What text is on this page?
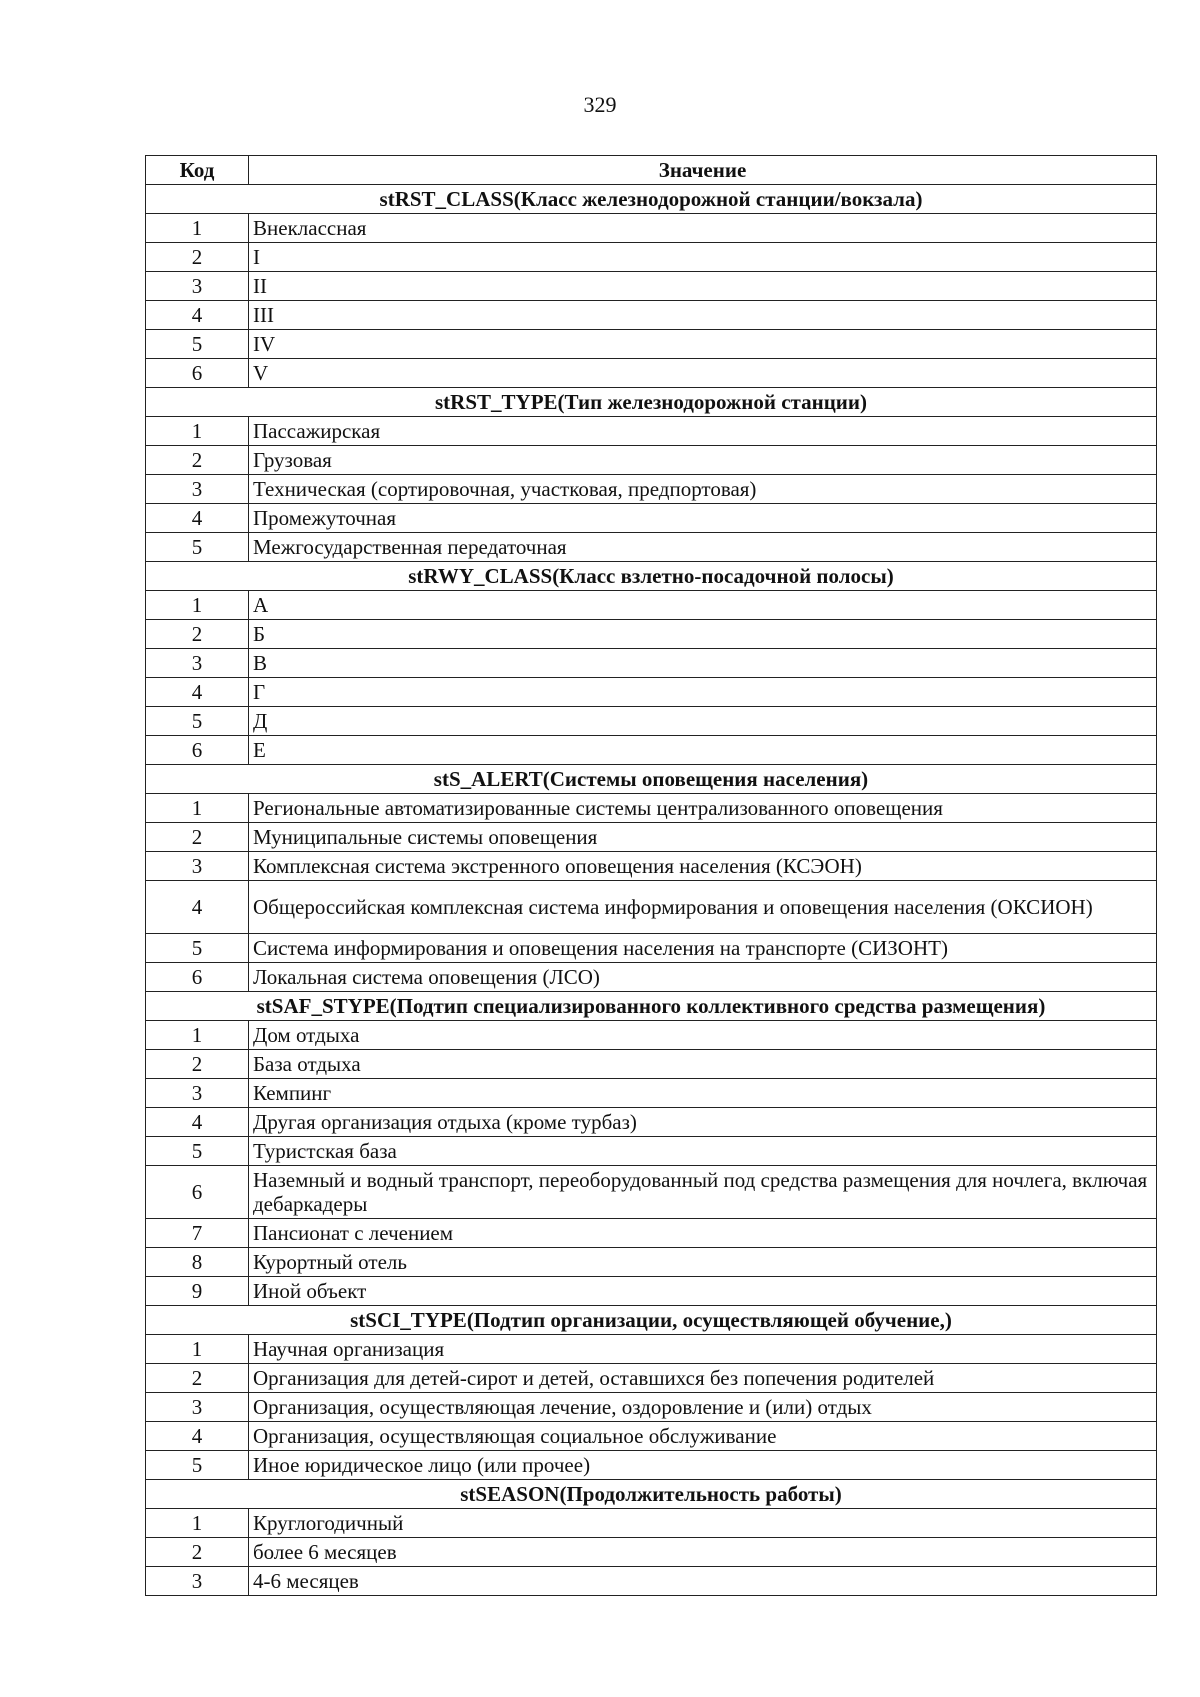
329
Код	Значение
stRST_CLASS(Класс железнодорожной станции/вокзала)	
1	Внеклассная
2	I
3	II
4	III
5	IV
6	V
stRST_TYPE(Тип железнодорожной станции)	
1	Пассажирская
2	Грузовая
3	Техническая (сортировочная, участковая, предпортовая)
4	Промежуточная
5	Межгосударственная передаточная
stRWY_CLASS(Класс взлетно-посадочной полосы)	
1	А
2	Б
3	В
4	Г
5	Д
6	Е
stS_ALERT(Системы оповещения населения)	
1	Региональные автоматизированные системы централизованного оповещения
2	Муниципальные системы оповещения
3	Комплексная система экстренного оповещения населения (КСЭОН)
4	Общероссийская комплексная система информирования и оповещения населения (ОКСИОН)
5	Система информирования и оповещения населения на транспорте (СИЗОНТ)
6	Локальная система оповещения (ЛСО)
stSAF_STYPE(Подтип специализированного коллективного средства размещения)	
1	Дом отдыха
2	База отдыха
3	Кемпинг
4	Другая организация отдыха (кроме турбаз)
5	Туристская база
6	Наземный и водный транспорт, переоборудованный под средства размещения для ночлега, включая дебаркадеры
7	Пансионат с лечением
8	Курортный отель
9	Иной объект
stSCI_TYPE(Подтип организации, осуществляющей обучение,)	
1	Научная организация
2	Организация для детей-сирот и детей, оставшихся без попечения родителей
3	Организация, осуществляющая лечение, оздоровление и (или) отдых
4	Организация, осуществляющая социальное обслуживание
5	Иное юридическое лицо (или прочее)
stSEASON(Продолжительность работы)	
1	Круглогодичный
2	более 6 месяцев
3	4-6 месяцев
